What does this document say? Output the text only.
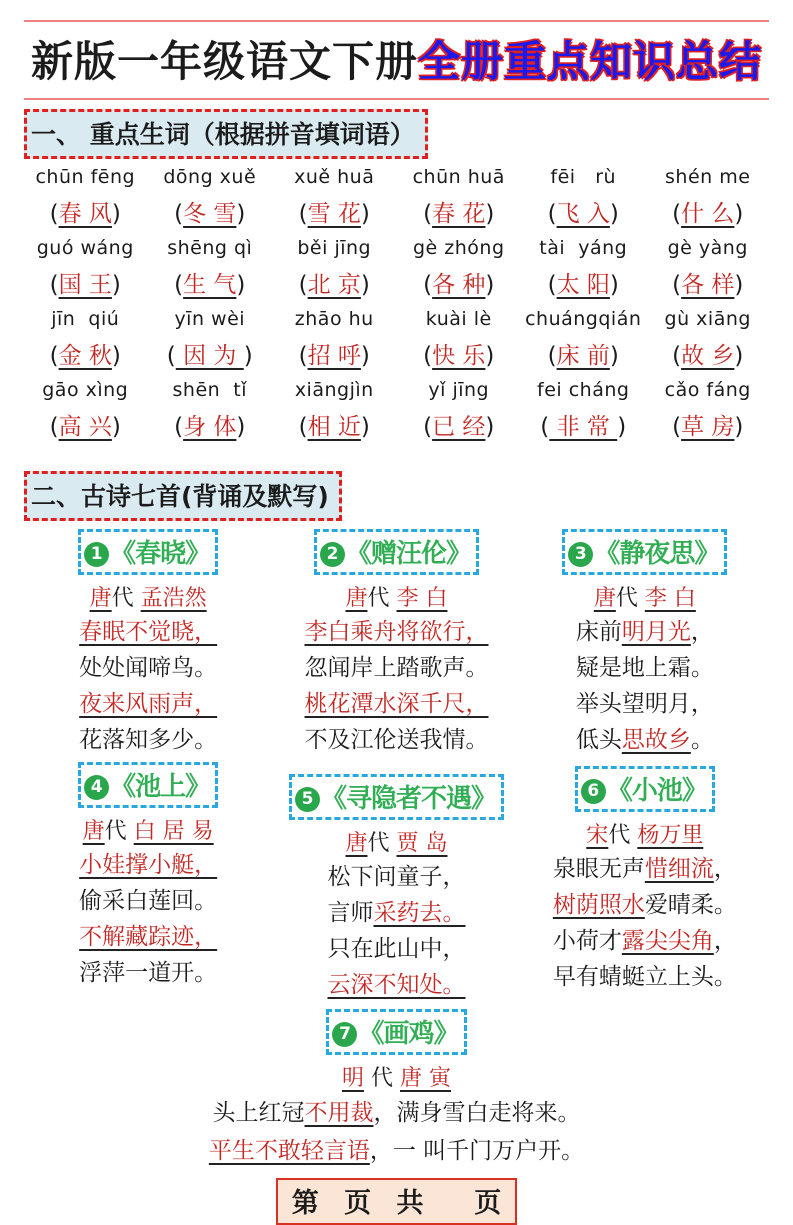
新版一年级语文下册全册重点知识总结
一、 重点生词（根据拼音填词语）
chūn fēng
(春 风)
dōng xuě
(冬 雪)
xuě huā
(雪 花)
chūn huā
(春 花)
fēi   rù
(飞 入)
shén me
(什 么)
guó wáng
(国 王)
shēng qì
(生 气)
běi jīng
(北 京)
gè zhóng
(各 种)
tài  yáng
(太 阳)
gè yàng
(各 样)
jīn  qiú
(金 秋)
yīn wèi
( 因 为 )
zhāo hu
(招 呼)
kuài lè
(快 乐)
chuángqián
(床 前)
gù xiāng
(故 乡)
gāo xìng
(高 兴)
shēn  tǐ
(身 体)
xiāngjìn
(相 近)
yǐ jīng
(已 经)
fei cháng
( 非 常 )
cǎo fáng
(草 房)
二、古诗七首(背诵及默写)
1 《春晓》
唐代 孟浩然
春眠不觉晓，
处处闻啼鸟。
夜来风雨声，
花落知多少。
2 《赠汪伦》
唐代 李 白
李白乘舟将欲行，
忽闻岸上踏歌声。
桃花潭水深千尺，
不及江伦送我情。
3 《静夜思》
唐代 李 白
床前明月光，
疑是地上霜。
举头望明月，
低头思故乡。
4 《池上》
唐代 白 居 易
小娃撑小艇，
偷采白莲回。
不解藏踪迹，
浮萍一道开。
5 《寻隐者不遇》
唐代 贾 岛
松下问童子，
言师采药去。
只在此山中，
云深不知处。
6 《小池》
宋代 杨万里
泉眼无声惜细流，
树荫照水爱晴柔。
小荷才露尖尖角，
早有蜻蜓立上头。
7 《画鸡》
明 代 唐 寅
头上红冠不用裁，满身雪白走将来。
平生不敢轻言语，一 叫千门万户开。
第 页 共  页
